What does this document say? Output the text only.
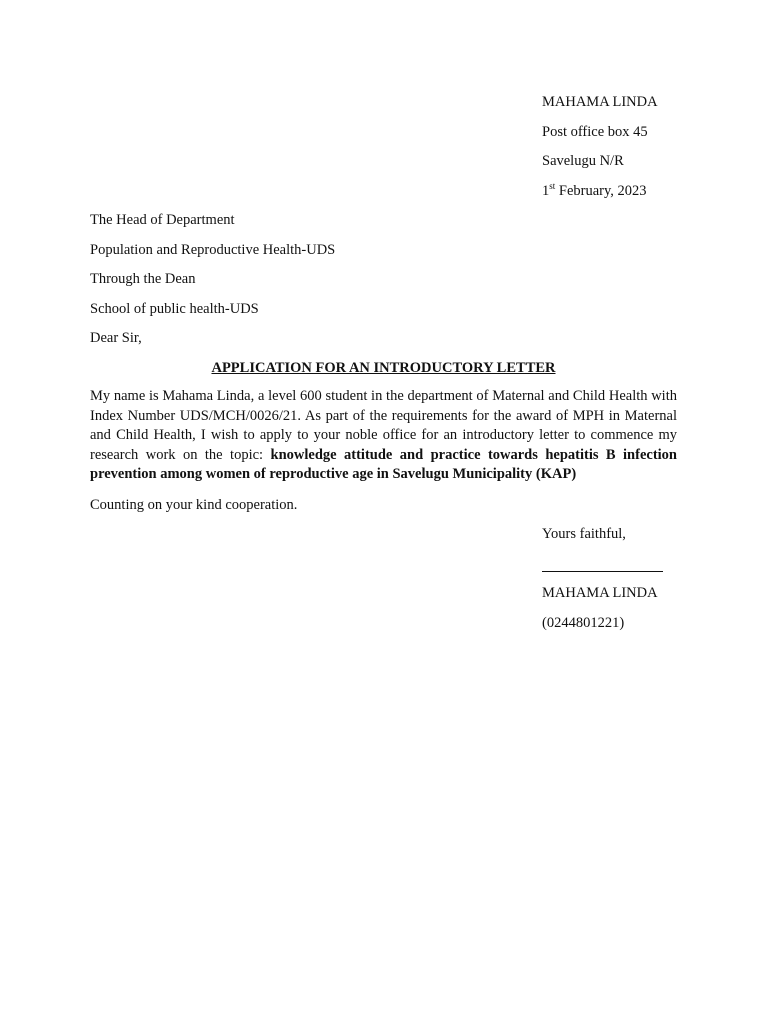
MAHAMA LINDA
Post office box 45
Savelugu N/R
1st February, 2023
The Head of Department
Population and Reproductive Health-UDS
Through the Dean
School of public health-UDS
Dear Sir,
APPLICATION FOR AN INTRODUCTORY LETTER
My name is Mahama Linda, a level 600 student in the department of Maternal and Child Health with Index Number UDS/MCH/0026/21. As part of the requirements for the award of MPH in Maternal and Child Health, I wish to apply to your noble office for an introductory letter to commence my research work on the topic: knowledge attitude and practice towards hepatitis B infection prevention among women of reproductive age in Savelugu Municipality (KAP)
Counting on your kind cooperation.
Yours faithful,
MAHAMA LINDA
(0244801221)
